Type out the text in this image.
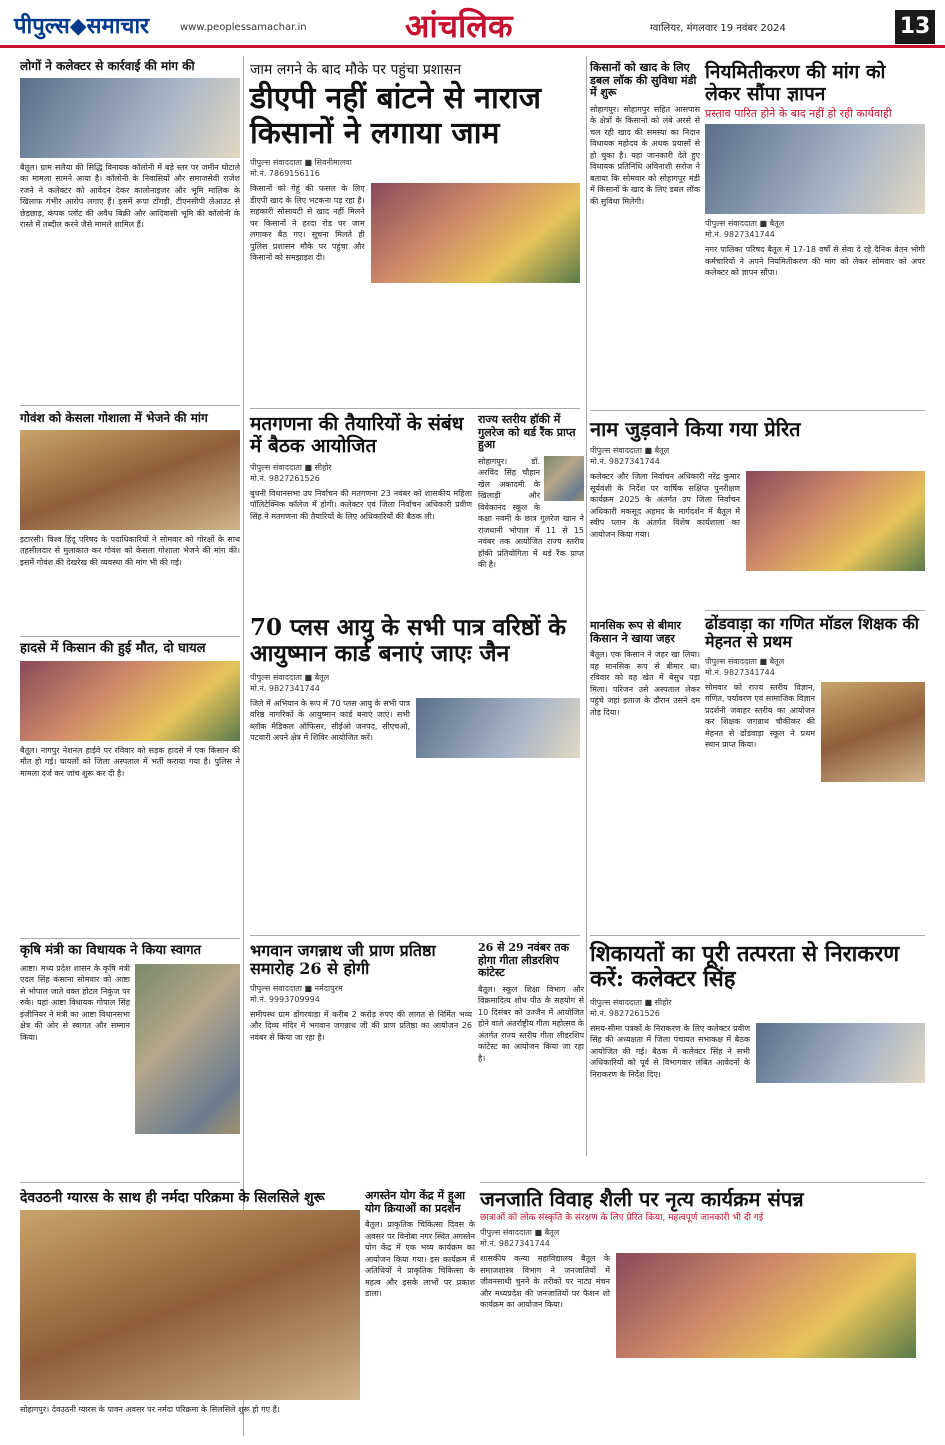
पीपुल्स◆समाचार	www.peoplessamachar.in	आंचलिक	ग्वालियर, मंगलवार 19 नवंबर 2024	13
लोगों ने कलेक्टर से कार्रवाई की मांग की
बैतूल। ग्राम सलैया की सिद्धि विनायक कॉलोनी में बड़े स्तर पर जमीन घोटाले का मामला सामने आया है। कॉलोनी के निवासियों और समाजसेवी राजेश रजने ने कलेक्टर को आवेदन देकर कालोनाइजर और भूमि मालिक के खिलाफ गंभीर आरोप लगाए हैं। इसमें रूपा टाँगड़ी, टीएनसीपी लेआउट से छेड़छाड़, कंपक प्लॉट की अवैध बिक्री और आदिवासी भूमि की कॉलोनी के रास्ते में तब्दील करने जैसे मामले शामिल हैं।
गोवंश को केसला गोशाला में भेजने की मांग
इटारसी। विश्व हिंदू परिषद के पदाधिकारियों ने सोमवार को गोरक्षों के साथ तहसीलदार से मुलाकात कर गोवंश को केसला गोशाला भेजने की मांग की। इसमें गोवंश की देखरेख की व्यवस्था की मांग भी की गई।
हादसे में किसान की हुई मौत, दो घायल
बैतूल। नागपुर नेशनल हाईवे पर रविवार को सड़क हादसे में एक किसान की मौत हो गई। घायलों को जिला अस्पताल में भर्ती कराया गया है। पुलिस ने मामला दर्ज कर जांच शुरू कर दी है।
कृषि मंत्री का विधायक ने किया स्वागत
आष्टा। मध्य प्रदेश शासन के कृषि मंत्री एदल सिंह कंसाना सोमवार को आष्टा से भोपाल जाते वक्त होटल निकुंज पर रुके। यहां आष्टा विधायक गोपाल सिंह इंजीनियर ने मंत्री का आष्टा विधानसभा क्षेत्र की ओर से स्वागत और सम्मान किया।
देवउठनी ग्यारस के साथ ही नर्मदा परिक्रमा के सिलसिले शुरू
सोहागपुर। देवउठनी ग्यारस के पावन अवसर पर नर्मदा परिक्रमा के सिलसिले शुरू हो गए हैं।
जाम लगने के बाद मौके पर पहुंचा प्रशासन
डीएपी नहीं बांटने से नाराज किसानों ने लगाया जाम
पीपुल्स संवाददाता ■ सिवनीमालवा
मो.नं. 7869156116
किसानों को गेहूं की फसल के लिए डीएपी खाद के लिए भटकना पड़ रहा है। सहकारी सोसायटी से खाद नहीं मिलने पर किसानों ने हरदा रोड पर जाम लगाकर बैठ गए। सूचना मिलते ही पुलिस प्रशासन मौके पर पहुंचा और किसानों को समझाइश दी।
मतगणना की तैयारियों के संबंध में बैठक आयोजित
पीपुल्स संवाददाता ■ सीहोर
मो.नं. 9827261526
बुधनी विधानसभा उप निर्वाचन की मतगणना 23 नवंबर को शासकीय महिला पॉलिटेक्निक कॉलेज में होगी। कलेक्टर एवं जिला निर्वाचन अधिकारी प्रवीण सिंह ने मतगणना की तैयारियों के लिए अधिकारियों की बैठक ली।
70 प्लस आयु के सभी पात्र वरिष्ठों के आयुष्मान कार्ड बनाएं जाएः जैन
पीपुल्स संवाददाता ■ बैतूल
मो.नं. 9827341744
जिले में अभियान के रूप में 70 प्लस आयु के सभी पात्र वरिष्ठ नागरिकों के आयुष्मान कार्ड बनाएं जाएं। सभी ब्लॉक मेडिकल ऑफिसर, सीईओ जनपद, सीएचओ, पटवारी अपने क्षेत्र में शिविर आयोजित करें।
भगवान जगन्नाथ जी प्राण प्रतिष्ठा समारोह 26 से होगी
पीपुल्स संवाददाता ■ नर्मदापुरम
मो.नं. 9993709994
समीपस्थ ग्राम डोंगरवाड़ा में करीब 2 करोड़ रुपए की लागत से निर्मित भव्य और दिव्य मंदिर में भगवान जगन्नाथ जी की प्राण प्रतिष्ठा का आयोजन 26 नवंबर से किया जा रहा है।
किसानों को खाद के लिए डबल लॉक की सुविधा मंडी में शुरू
सोहागपुर। सोहागपुर सहित आसपास के क्षेत्रों के किसानों को लंबे अरसे से चल रही खाद की समस्या का निदान विधायक महोदय के अथक प्रयासों से हो चुका है। यहां जानकारी देते हुए विधायक प्रतिनिधि अविनाशी सरोज ने बताया कि सोमवार को सोहागपुर मंडी में किसानों के खाद के लिए डबल लॉक की सुविधा मिलेगी।
राज्य स्तरीय हॉकी में गुलरेज को थर्ड रैंक प्राप्त हुआ
सोहागपुर। डॉ. अरविंद सिंह चौहान खेल अकादमी के खिलाड़ी और विवेकानंद स्कूल के कक्षा नवमी के छात्र गुलरेज खान ने राजधानी भोपाल में 11 से 15 नवंबर तक आयोजित राज्य स्तरीय हॉकी प्रतियोगिता में थर्ड रैंक प्राप्त की है।
मानसिक रूप से बीमार किसान ने खाया जहर
बैतूल। एक किसान ने जहर खा लिया। वह मानसिक रूप से बीमार था। रविवार को वह खेत में बेसुध पड़ा मिला। परिजन उसे अस्पताल लेकर पहुंचे जहां इलाज के दौरान उसने दम तोड़ दिया।
26 से 29 नवंबर तक होगा गीता लीडरशिप कांटेस्ट
बैतूल। स्कूल शिक्षा विभाग और विक्रमादित्य शोध पीठ के सहयोग से 10 दिसंबर को उज्जैन में आयोजित होने वाले अंतर्राष्ट्रीय गीता महोत्सव के अंतर्गत राज्य स्तरीय गीता लीडरशिप कांटेस्ट का आयोजन किया जा रहा है।
अगस्तेन योग केंद्र में हुआ योग क्रियाओं का प्रदर्शन
बैतूल। प्राकृतिक चिकित्सा दिवस के अवसर पर विनोबा नगर स्थित अगस्तेन योग केंद्र में एक भव्य कार्यक्रम का आयोजन किया गया। इस कार्यक्रम में अतिथियों ने प्राकृतिक चिकित्सा के महत्व और इसके लाभों पर प्रकाश डाला।
नियमितीकरण की मांग को लेकर सौंपा ज्ञापन
प्रस्ताव पारित होने के बाद नहीं हो रही कार्यवाही
पीपुल्स संवाददाता ■ बैतूल
मो.नं. 9827341744
नगर पालिका परिषद बैतूल में 17-18 वर्षों से सेवा दे रहे दैनिक वेतन भोगी कर्मचारियों ने अपने नियमितीकरण की मांग को लेकर सोमवार को अपर कलेक्टर को ज्ञापन सौंपा।
नाम जुड़वाने किया गया प्रेरित
पीपुल्स संवाददाता ■ बैतूल
मो.नं. 9827341744
कलेक्टर और जिला निर्वाचन अधिकारी नरेंद्र कुमार सूर्यवंशी के निर्देश पर वार्षिक सक्षिप्त पुनरीक्षण कार्यक्रम 2025 के अंतर्गत उप जिला निर्वाचन अधिकारी मकसूद अहमद के मार्गदर्शन में बैतूल में स्वीप प्लान के अंतर्गत विशेष कार्यशाला का आयोजन किया गया।
ढोंडवाड़ा का गणित मॉडल शिक्षक की मेहनत से प्रथम
पीपुल्स संवाददाता ■ बैतूल
मो.नं. 9827341744
सोमवार को राज्य स्तरीय विज्ञान, गणित, पर्यावरण एवं सामाजिक विज्ञान प्रदर्शनी जवाहर स्तरीय का आयोजन कर शिक्षक जगन्नाथ चौकीकर की मेहनत से ढोंडवाड़ा स्कूल ने प्रथम स्थान प्राप्त किया।
शिकायतों का पूरी तत्परता से निराकरण करें: कलेक्टर सिंह
पीपुल्स संवाददाता ■ सीहोर
मो.नं. 9827261526
समय-सीमा पत्रकों के निराकरण के लिए कलेक्टर प्रवीण सिंह की अध्यक्षता में जिला पंचायत सभाकक्ष में बैठक आयोजित की गई। बैठक में कलेक्टर सिंह ने सभी अधिकारियों को पूर्व से विभागवार लंबित आवेदनों के निराकरण के निर्देश दिए।
जनजाति विवाह शैली पर नृत्य कार्यक्रम संपन्न
छात्राओं को लोक संस्कृति के संरक्षण के लिए प्रेरित किया, महत्वपूर्ण जानकारी भी दी गई
पीपुल्स संवाददाता ■ बैतूल
मो.नं. 9827341744
शासकीय कन्या महाविद्यालय बैतूल के समाजशास्त्र विभाग ने जनजातियों में जीवनसाथी चुनने के तरीकों पर नाट्य मंचन और मध्यप्रदेश की जनजातियों पर फैशन शो कार्यक्रम का आयोजन किया।
